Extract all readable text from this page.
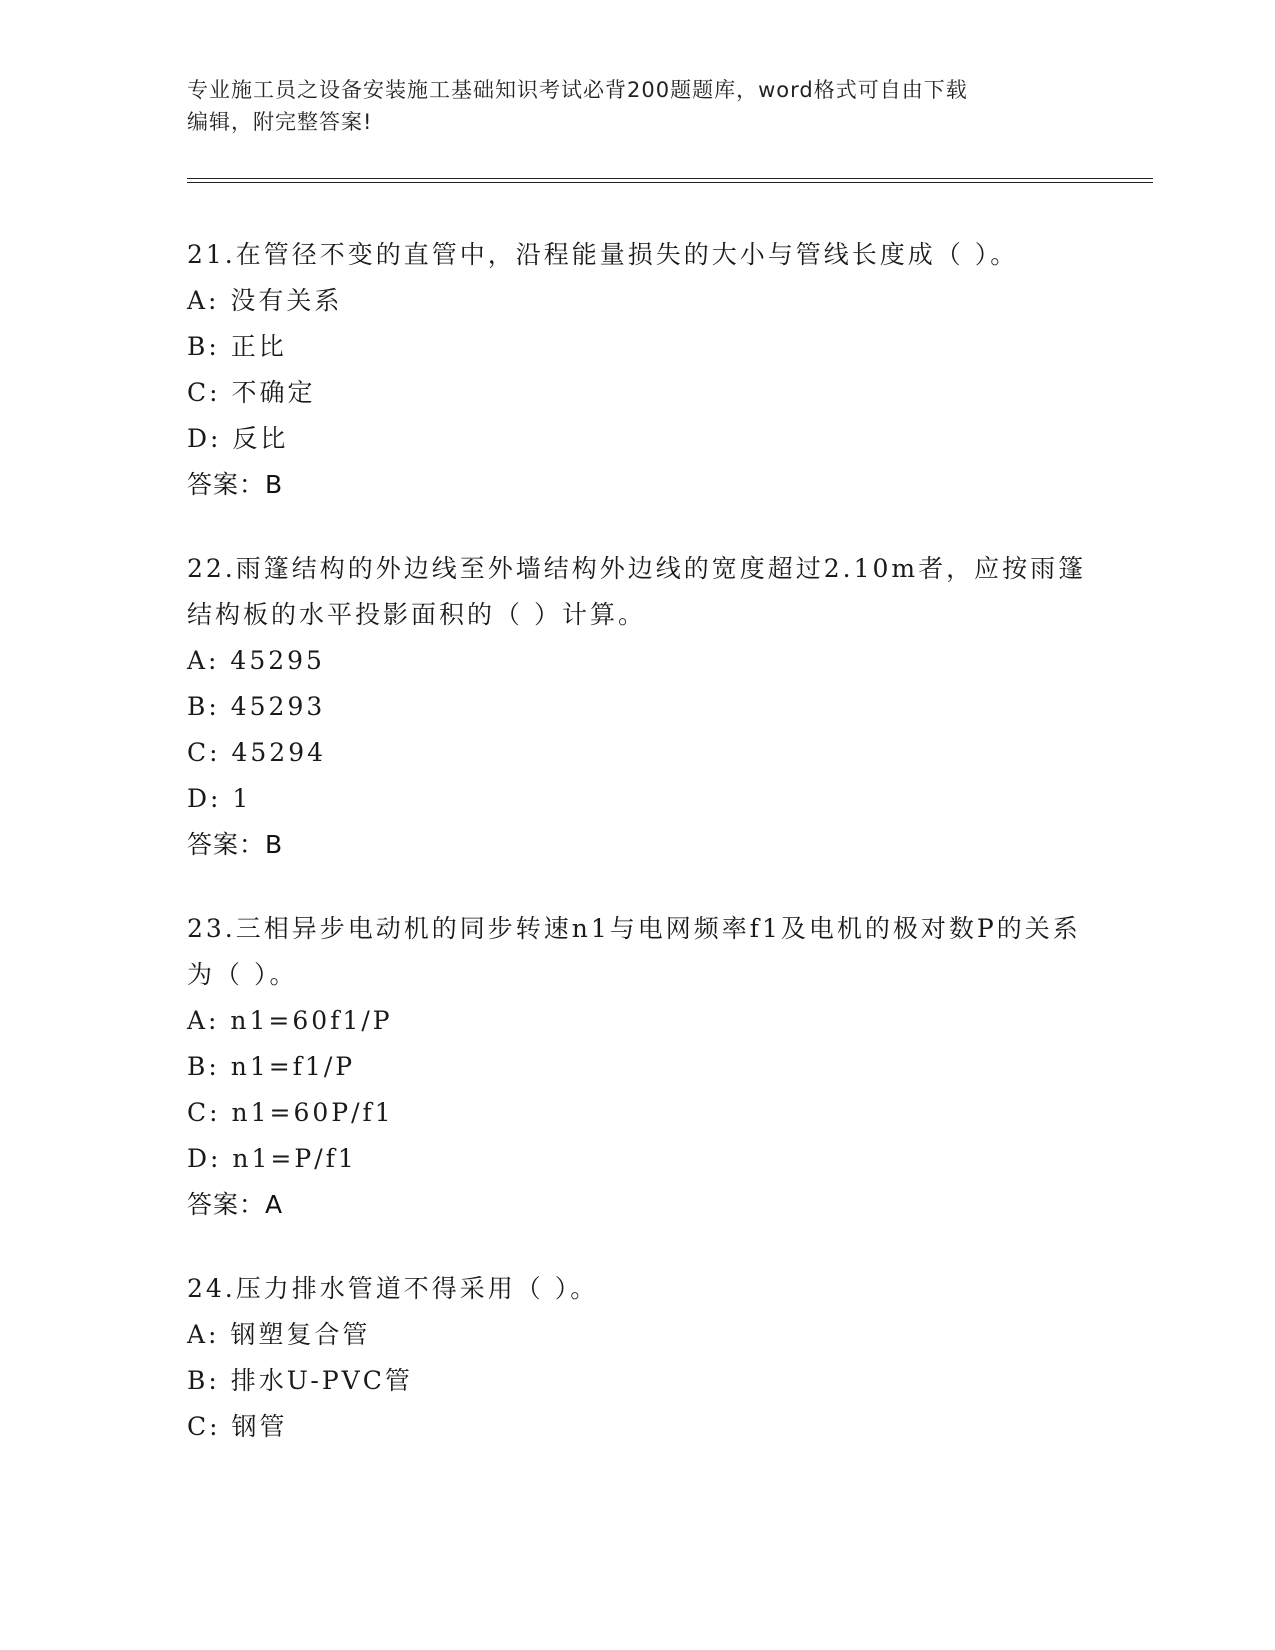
专业施工员之设备安装施工基础知识考试必背200题题库，word格式可自由下载
编辑，附完整答案!
21.在管径不变的直管中，沿程能量损失的大小与管线长度成（ ）。
A: 没有关系
B: 正比
C: 不确定
D: 反比
答案：B
22.雨篷结构的外边线至外墙结构外边线的宽度超过2.10m者，应按雨篷结构板的水平投影面积的（ ）计算。
A: 45295
B: 45293
C: 45294
D: 1
答案：B
23.三相异步电动机的同步转速n1与电网频率f1及电机的极对数P的关系为（ ）。
A: n1=60f1/P
B: n1=f1/P
C: n1=60P/f1
D: n1=P/f1
答案：A
24.压力排水管道不得采用（ ）。
A: 钢塑复合管
B: 排水U-PVC管
C: 钢管
